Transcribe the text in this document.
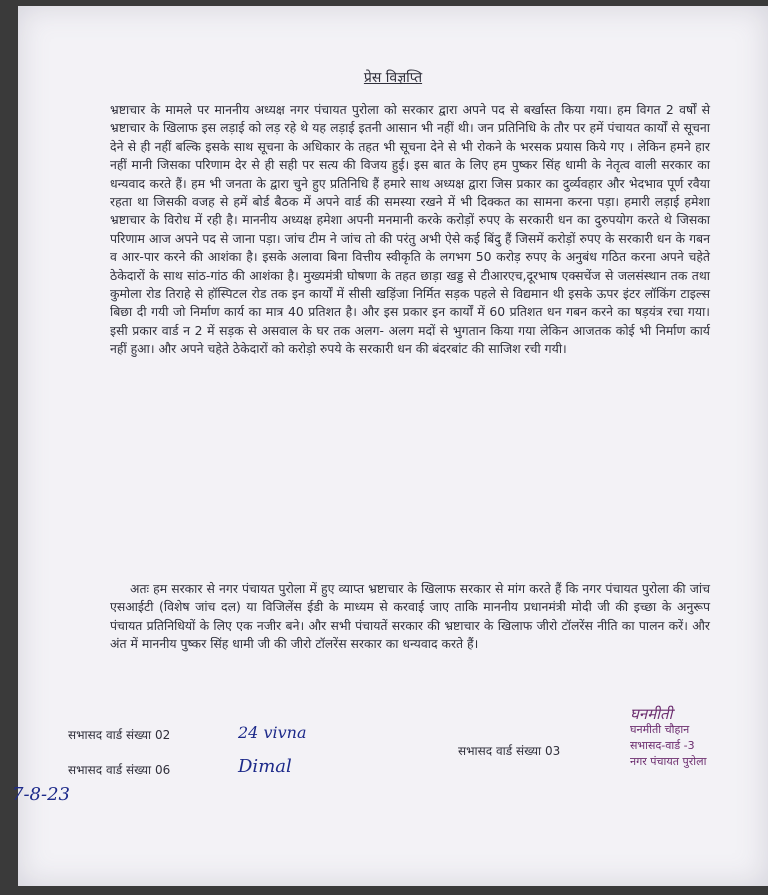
प्रेस विज्ञप्ति
भ्रष्टाचार के मामले पर माननीय अध्यक्ष नगर पंचायत पुरोला को सरकार द्वारा अपने पद से बर्खास्त किया गया। हम विगत 2 वर्षों से भ्रष्टाचार के खिलाफ इस लड़ाई को लड़ रहे थे यह लड़ाई इतनी आसान भी नहीं थी। जन प्रतिनिधि के तौर पर हमें पंचायत कार्यों से सूचना देने से ही नहीं बल्कि इसके साथ सूचना के अधिकार के तहत भी सूचना देने से भी रोकने के भरसक प्रयास किये गए । लेकिन हमने हार नहीं मानी जिसका परिणाम देर से ही सही पर सत्य की विजय हुई। इस बात के लिए हम पुष्कर सिंह धामी के नेतृत्व वाली सरकार का धन्यवाद करते हैं। हम भी जनता के द्वारा चुने हुए प्रतिनिधि हैं हमारे साथ अध्यक्ष द्वारा जिस प्रकार का दुर्व्यवहार और भेदभाव पूर्ण रवैया रहता था जिसकी वजह से हमें बोर्ड बैठक में अपने वार्ड की समस्या रखने में भी दिक्कत का सामना करना पड़ा। हमारी लड़ाई हमेशा भ्रष्टाचार के विरोध में रही है। माननीय अध्यक्ष हमेशा अपनी मनमानी करके करोड़ों रुपए के सरकारी धन का दुरुपयोग करते थे जिसका परिणाम आज अपने पद से जाना पड़ा। जांच टीम ने जांच तो की परंतु अभी ऐसे कई बिंदु हैं जिसमें करोड़ों रुपए के सरकारी धन के गबन व आर-पार करने की आशंका है। इसके अलावा बिना वित्तीय स्वीकृति के लगभग 50 करोड़ रुपए के अनुबंध गठित करना अपने चहेते ठेकेदारों के साथ सांठ-गांठ की आशंका है। मुख्यमंत्री घोषणा के तहत छाड़ा खड्ड से टीआरएच,दूरभाष एक्सचेंज से जलसंस्थान तक तथा कुमोला रोड तिराहे से हॉस्पिटल रोड तक इन कार्यों में सीसी खड़िंजा निर्मित सड़क पहले से विद्यमान थी इसके ऊपर इंटर लॉकिंग टाइल्स बिछा दी गयी जो निर्माण कार्य का मात्र 40 प्रतिशत है। और इस प्रकार इन कार्यों में 60 प्रतिशत धन गबन करने का षड़यंत्र रचा गया। इसी प्रकार वार्ड न 2 में सड़क से असवाल के घर तक अलग- अलग मदों से भुगतान किया गया लेकिन आजतक कोई भी निर्माण कार्य नहीं हुआ। और अपने चहेते ठेकेदारों को करोड़ो रुपये के सरकारी धन की बंदरबांट की साजिश रची गयी।
अतः हम सरकार से नगर पंचायत पुरोला में हुए व्याप्त भ्रष्टाचार के खिलाफ सरकार से मांग करते हैं कि नगर पंचायत पुरोला की जांच एसआईटी (विशेष जांच दल) या विजिलेंस ईडी के माध्यम से करवाई जाए ताकि माननीय प्रधानमंत्री मोदी जी की इच्छा के अनुरूप पंचायत प्रतिनिधियों के लिए एक नजीर बने। और सभी पंचायतें सरकार की भ्रष्टाचार के खिलाफ जीरो टॉलरेंस नीति का पालन करें। और अंत में माननीय पुष्कर सिंह धामी जी की जीरो टॉलरेंस सरकार का धन्यवाद करते हैं।
सभासद वार्ड संख्या 02	24 vivna
सभासद वार्ड संख्या 06	Dimal
7-8-23
सभासद वार्ड संख्या 03
घनमीती
घनमीती चौहान
सभासद-वार्ड -3
नगर पंचायत पुरोला
